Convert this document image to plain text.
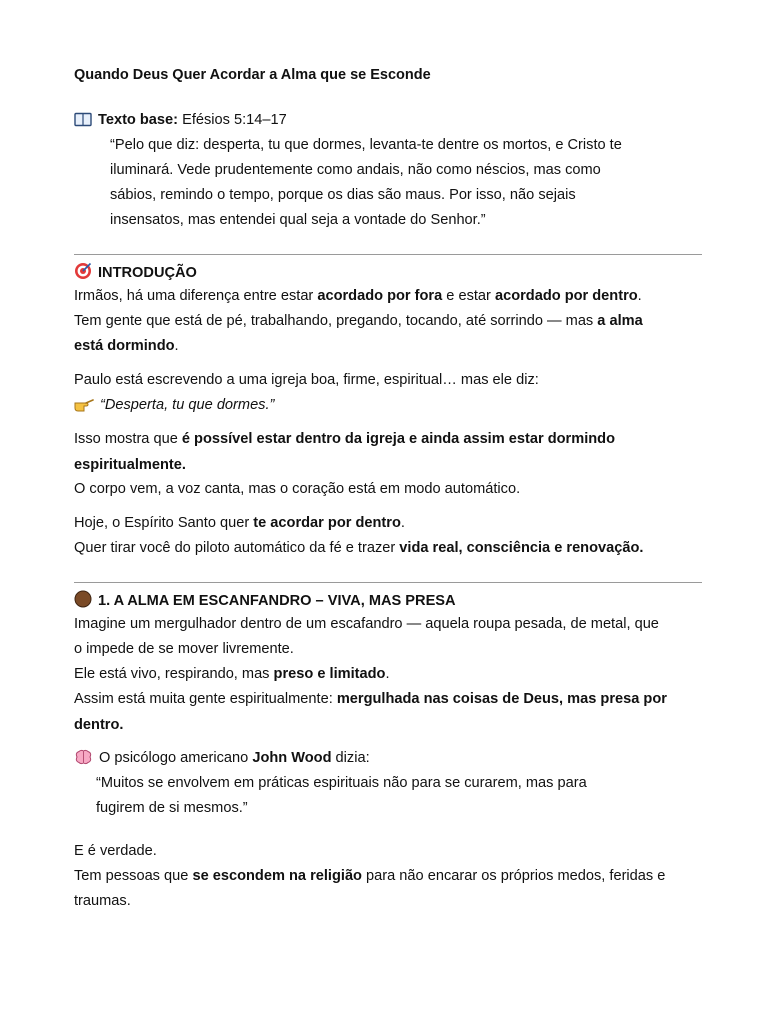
Quando Deus Quer Acordar a Alma que se Esconde
Texto base: Efésios 5:14–17
“Pelo que diz: desperta, tu que dormes, levanta-te dentre os mortos, e Cristo te
iluminará. Vede prudentemente como andais, não como néscios, mas como
sábios, remindo o tempo, porque os dias são maus. Por isso, não sejais
insensatos, mas entendei qual seja a vontade do Senhor.”
INTRODUÇÃO
Irmãos, há uma diferença entre estar acordado por fora e estar acordado por dentro.
Tem gente que está de pé, trabalhando, pregando, tocando, até sorrindo — mas a alma
está dormindo.
Paulo está escrevendo a uma igreja boa, firme, espiritual… mas ele diz:
“Desperta, tu que dormes.”
Isso mostra que é possível estar dentro da igreja e ainda assim estar dormindo
espiritualmente.
O corpo vem, a voz canta, mas o coração está em modo automático.
Hoje, o Espírito Santo quer te acordar por dentro.
Quer tirar você do piloto automático da fé e trazer vida real, consciência e renovação.
1. A ALMA EM ESCANFANDRO – VIVA, MAS PRESA
Imagine um mergulhador dentro de um escafandro — aquela roupa pesada, de metal, que
o impede de se mover livremente.
Ele está vivo, respirando, mas preso e limitado.
Assim está muita gente espiritualmente: mergulhada nas coisas de Deus, mas presa por
dentro.
O psicólogo americano John Wood dizia:
“Muitos se envolvem em práticas espirituais não para se curarem, mas para
fugirem de si mesmos.”
E é verdade.
Tem pessoas que se escondem na religião para não encarar os próprios medos, feridas e
traumas.
